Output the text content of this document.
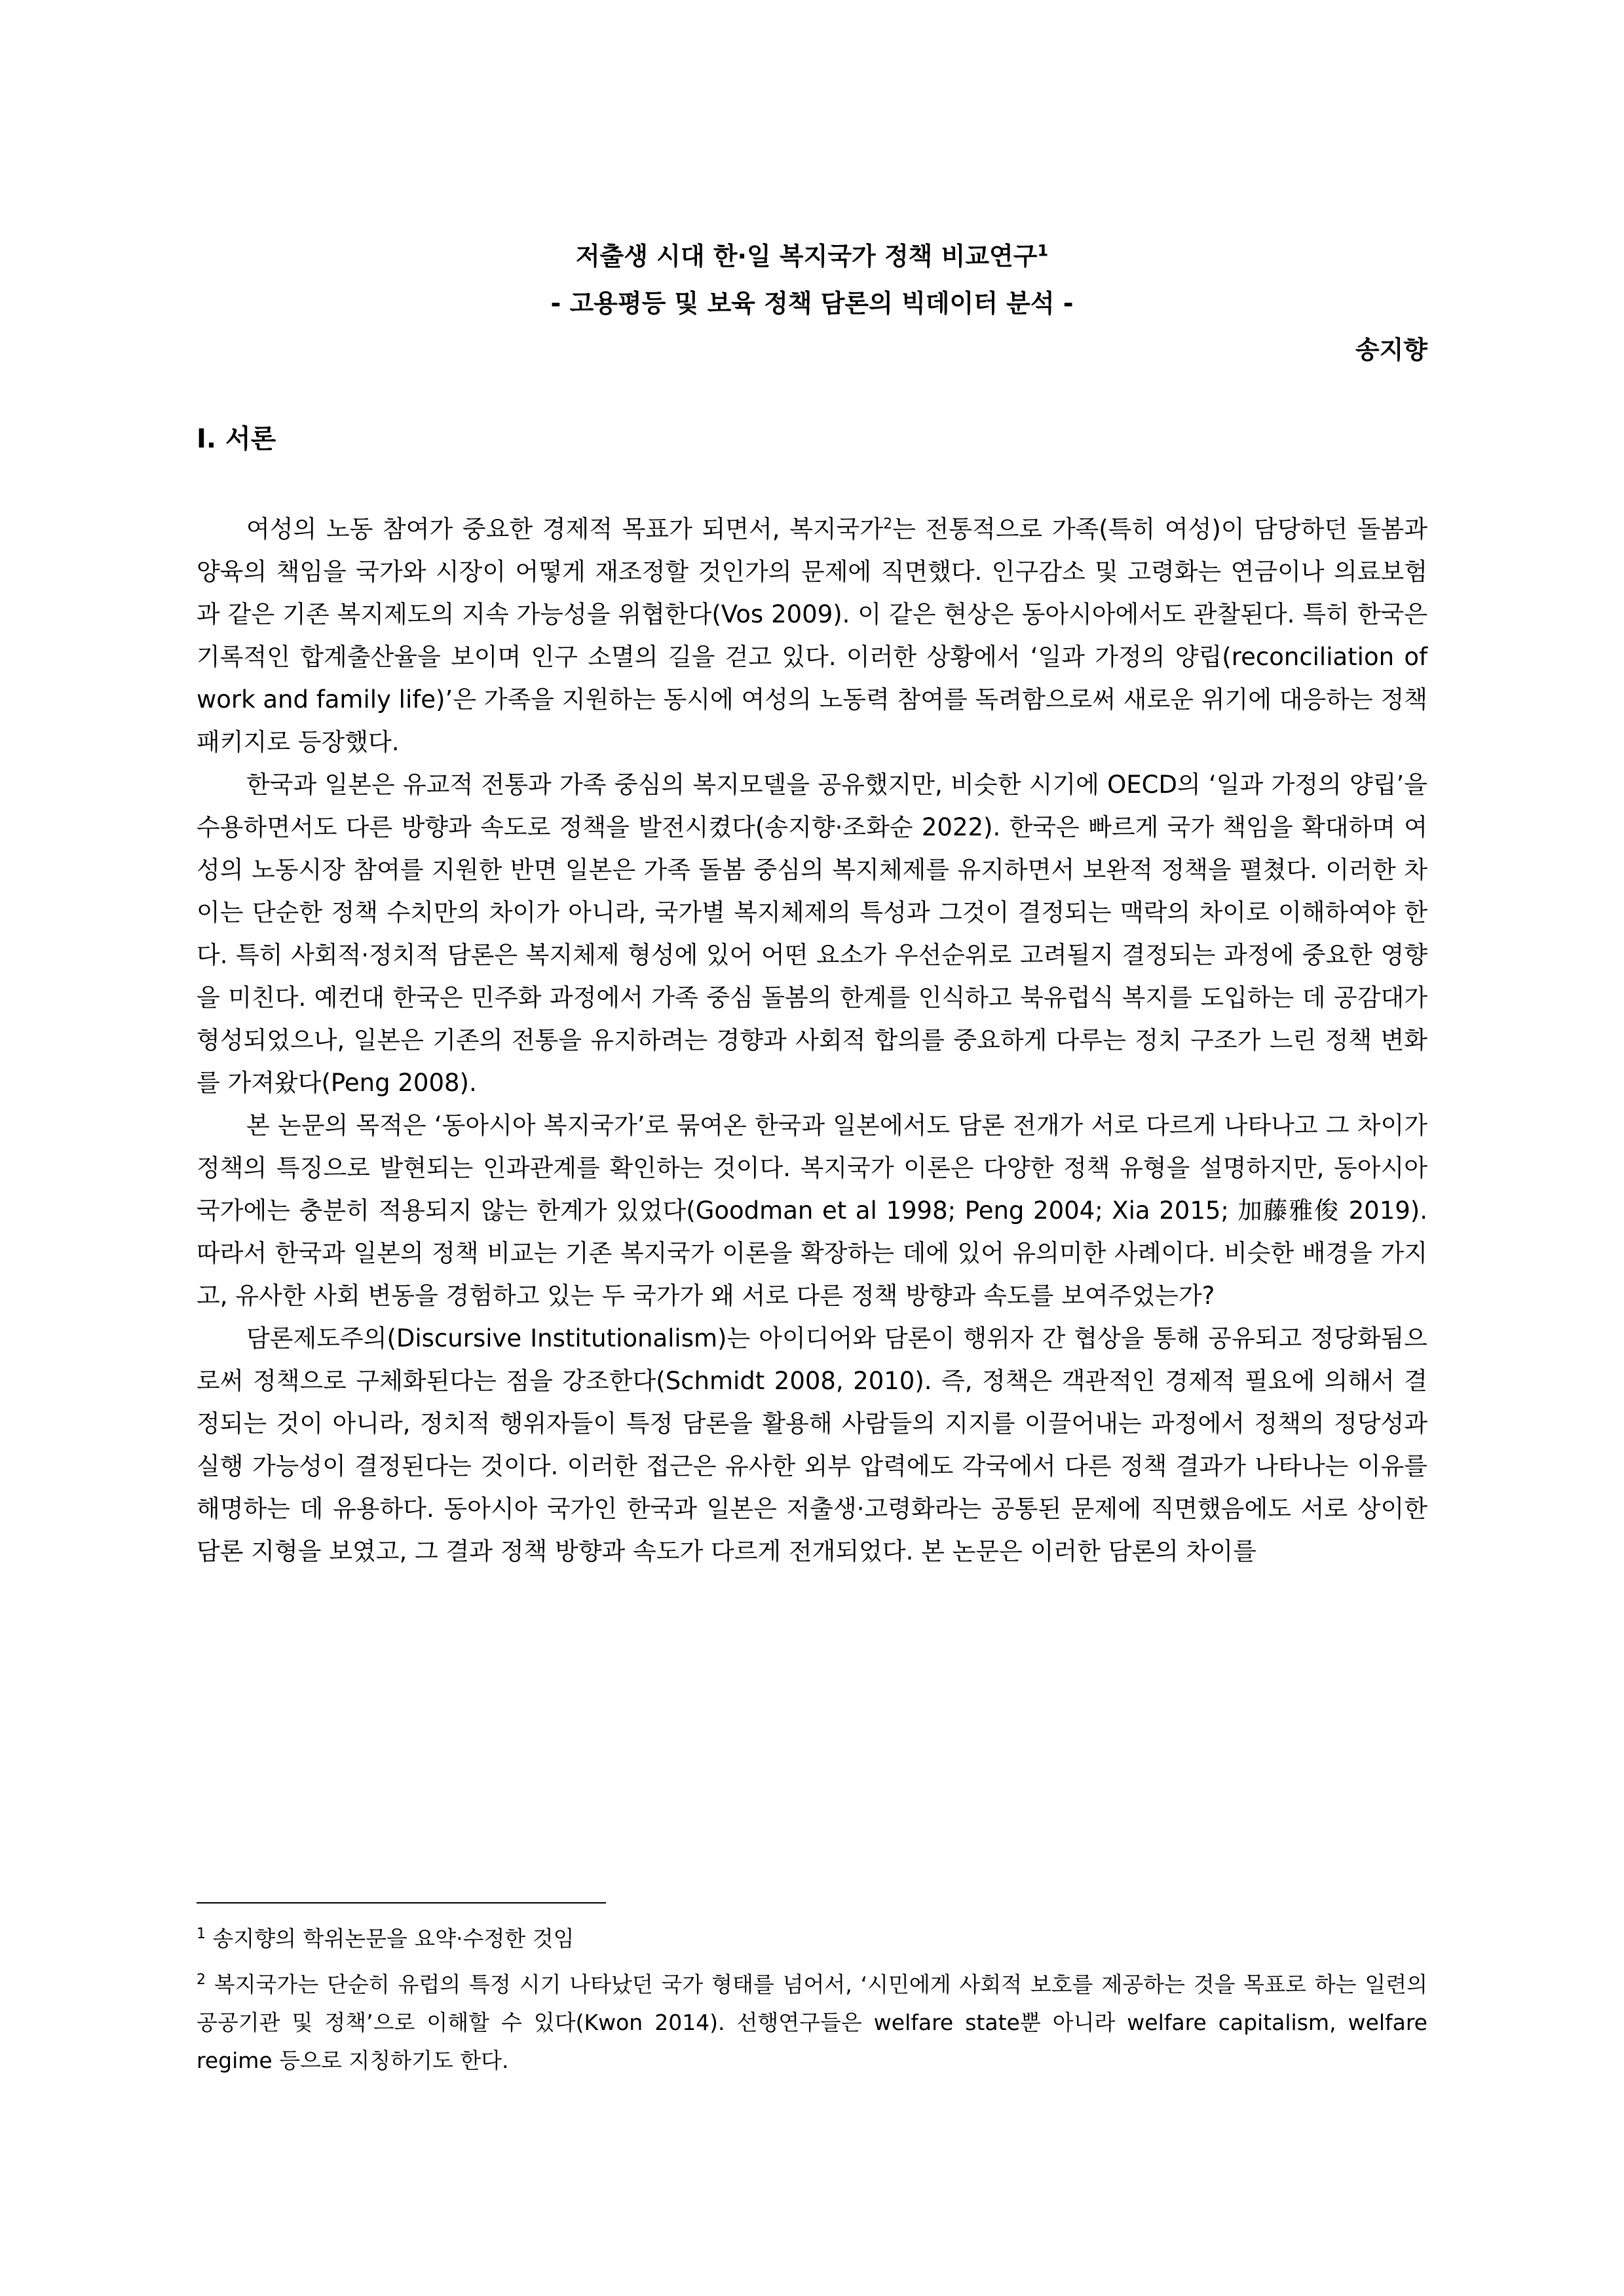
저출생 시대 한·일 복지국가 정책 비교연구$^1$
- 고용평등 및 보육 정책 담론의 빅데이터 분석 -
송지향
Ⅰ. 서론

여성의 노동 참여가 중요한 경제적 목표가 되면서, 복지국가$^2$는 전통적으로 가족(특히 여성)이 담당하던 돌봄과 양육의 책임을 국가와 시장이 어떻게 재조정할 것인가의 문제에 직면했다. 인구감소 및 고령화는 연금이나 의료보험과 같은 기존 복지제도의 지속 가능성을 위협한다(Vos 2009). 이 같은 현상은 동아시아에서도 관찰된다. 특히 한국은 기록적인 합계출산율을 보이며 인구 소멸의 길을 걷고 있다. 이러한 상황에서 ‘일과 가정의 양립(reconciliation of work and family life)’은 가족을 지원하는 동시에 여성의 노동력 참여를 독려함으로써 새로운 위기에 대응하는 정책 패키지로 등장했다.

한국과 일본은 유교적 전통과 가족 중심의 복지모델을 공유했지만, 비슷한 시기에 OECD의 ‘일과 가정의 양립’을 수용하면서도 다른 방향과 속도로 정책을 발전시켰다(송지향·조화순 2022). 한국은 빠르게 국가 책임을 확대하며 여성의 노동시장 참여를 지원한 반면 일본은 가족 돌봄 중심의 복지체제를 유지하면서 보완적 정책을 펼쳤다. 이러한 차이는 단순한 정책 수치만의 차이가 아니라, 국가별 복지체제의 특성과 그것이 결정되는 맥락의 차이로 이해하여야 한다. 특히 사회적·정치적 담론은 복지체제 형성에 있어 어떤 요소가 우선순위로 고려될지 결정되는 과정에 중요한 영향을 미친다. 예컨대 한국은 민주화 과정에서 가족 중심 돌봄의 한계를 인식하고 북유럽식 복지를 도입하는 데 공감대가 형성되었으나, 일본은 기존의 전통을 유지하려는 경향과 사회적 합의를 중요하게 다루는 정치 구조가 느린 정책 변화를 가져왔다(Peng 2008).

본 논문의 목적은 ‘동아시아 복지국가’로 묶여온 한국과 일본에서도 담론 전개가 서로 다르게 나타나고 그 차이가 정책의 특징으로 발현되는 인과관계를 확인하는 것이다. 복지국가 이론은 다양한 정책 유형을 설명하지만, 동아시아 국가에는 충분히 적용되지 않는 한계가 있었다(Goodman et al 1998; Peng 2004; Xia 2015; 加藤雅俊 2019). 따라서 한국과 일본의 정책 비교는 기존 복지국가 이론을 확장하는 데에 있어 유의미한 사례이다. 비슷한 배경을 가지고, 유사한 사회 변동을 경험하고 있는 두 국가가 왜 서로 다른 정책 방향과 속도를 보여주었는가?

담론제도주의(Discursive Institutionalism)는 아이디어와 담론이 행위자 간 협상을 통해 공유되고 정당화됨으로써 정책으로 구체화된다는 점을 강조한다(Schmidt 2008, 2010). 즉, 정책은 객관적인 경제적 필요에 의해서 결정되는 것이 아니라, 정치적 행위자들이 특정 담론을 활용해 사람들의 지지를 이끌어내는 과정에서 정책의 정당성과 실행 가능성이 결정된다는 것이다. 이러한 접근은 유사한 외부 압력에도 각국에서 다른 정책 결과가 나타나는 이유를 해명하는 데 유용하다. 동아시아 국가인 한국과 일본은 저출생·고령화라는 공통된 문제에 직면했음에도 서로 상이한 담론 지형을 보였고, 그 결과 정책 방향과 속도가 다르게 전개되었다. 본 논문은 이러한 담론의 차이를

$^1$ 송지향의 학위논문을 요약·수정한 것임
$^2$ 복지국가는 단순히 유럽의 특정 시기 나타났던 국가 형태를 넘어서, ‘시민에게 사회적 보호를 제공하는 것을 목표로 하는 일련의 공공기관 및 정책’으로 이해할 수 있다(Kwon 2014). 선행연구들은 welfare state뿐 아니라 welfare capitalism, welfare regime 등으로 지칭하기도 한다.
